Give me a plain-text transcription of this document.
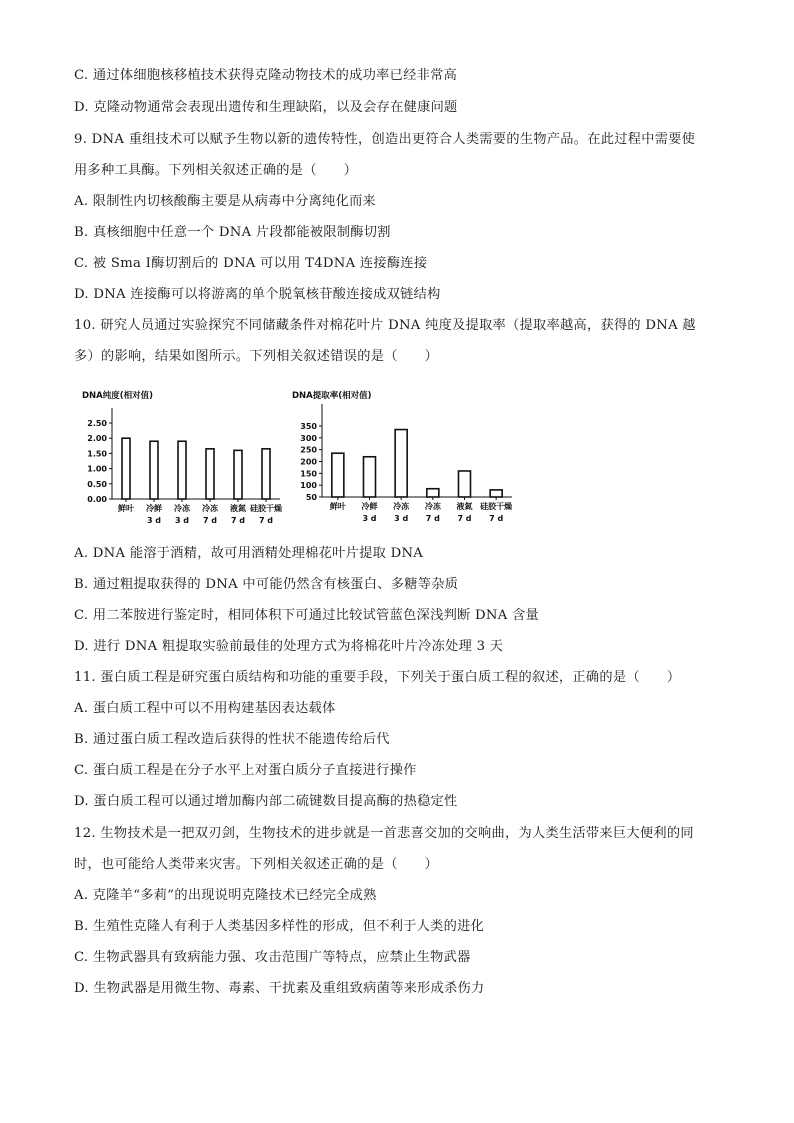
C. 通过体细胞核移植技术获得克隆动物技术的成功率已经非常高
D. 克隆动物通常会表现出遗传和生理缺陷，以及会存在健康问题
9. DNA 重组技术可以赋予生物以新的遗传特性，创造出更符合人类需要的生物产品。在此过程中需要使
用多种工具酶。下列相关叙述正确的是（　　）
A. 限制性内切核酸酶主要是从病毒中分离纯化而来
B. 真核细胞中任意一个 DNA 片段都能被限制酶切割
C. 被 Sma Ⅰ酶切割后的 DNA 可以用 T4DNA 连接酶连接
D. DNA 连接酶可以将游离的单个脱氧核苷酸连接成双链结构
10. 研究人员通过实验探究不同储藏条件对棉花叶片 DNA 纯度及提取率（提取率越高，获得的 DNA 越
多）的影响，结果如图所示。下列相关叙述错误的是（　　）
A. DNA 能溶于酒精，故可用酒精处理棉花叶片提取 DNA
B. 通过粗提取获得的 DNA 中可能仍然含有核蛋白、多糖等杂质
C. 用二苯胺进行鉴定时，相同体积下可通过比较试管蓝色深浅判断 DNA 含量
D. 进行 DNA 粗提取实验前最佳的处理方式为将棉花叶片冷冻处理 3 天
11. 蛋白质工程是研究蛋白质结构和功能的重要手段，下列关于蛋白质工程的叙述，正确的是（　　）
A. 蛋白质工程中可以不用构建基因表达载体
B. 通过蛋白质工程改造后获得的性状不能遗传给后代
C. 蛋白质工程是在分子水平上对蛋白质分子直接进行操作
D. 蛋白质工程可以通过增加酶内部二硫键数目提高酶的热稳定性
12. 生物技术是一把双刃剑，生物技术的进步就是一首悲喜交加的交响曲，为人类生活带来巨大便利的同
时，也可能给人类带来灾害。下列相关叙述正确的是（　　）
A. 克隆羊“多莉”的出现说明克隆技术已经完全成熟
B. 生殖性克隆人有利于人类基因多样性的形成，但不利于人类的进化
C. 生物武器具有致病能力强、攻击范围广等特点，应禁止生物武器
D. 生物武器是用微生物、毒素、干扰素及重组致病菌等来形成杀伤力
DNA纯度(相对值)
0.00
0.50
1.00
1.50
2.00
2.50
鲜叶 冷鲜
3 d
冷冻
3 d
冷冻
7 d
液氮
7 d
硅胶干燥
7 d
DNA提取率(相对值)
50
100
150
200
250
300
350
鲜叶 冷鲜
3 d
冷冻
3 d
冷冻
7 d
液氮
7 d
硅胶干燥
7 d
